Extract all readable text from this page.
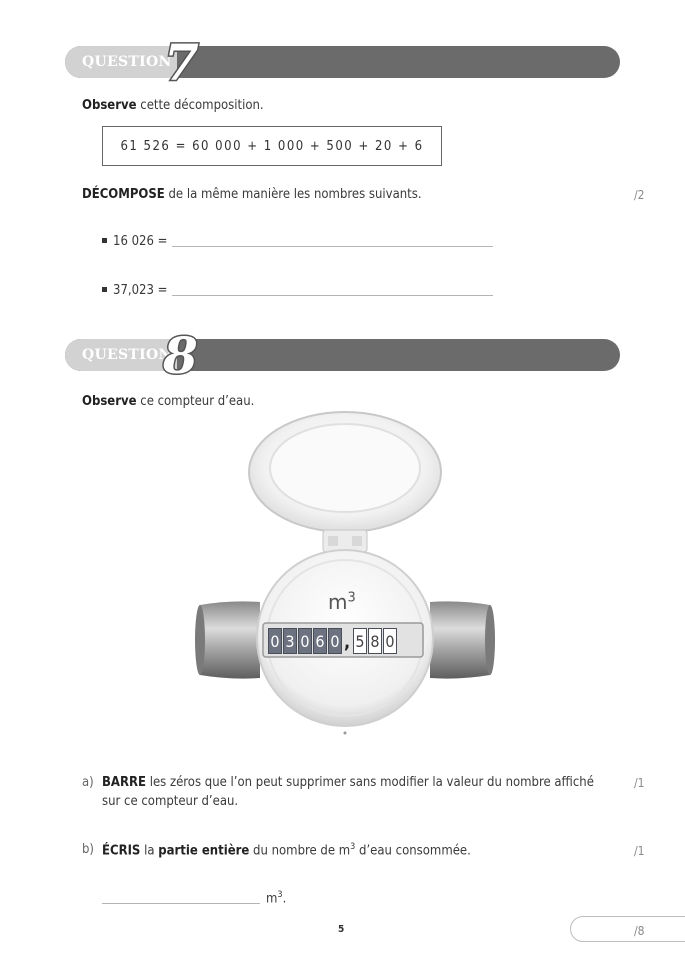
QUESTION
7
Observe cette décomposition.
61 526 = 60 000 + 1 000 + 500 + 20 + 6
DÉCOMPOSE de la même manière les nombres suivants.	/2
16 026 =
37,023 =
QUESTION
8
Observe ce compteur d’eau.
$m^3$
0 3 0 6 0 , 5 8 0
a) BARRE les zéros que l’on peut supprimer sans modifier la valeur du nombre affiché
sur ce compteur d’eau.
/1
b) ÉCRIS la partie entière du nombre de $m^3$ d’eau consommée.	/1
$m^3$.
5	/8
